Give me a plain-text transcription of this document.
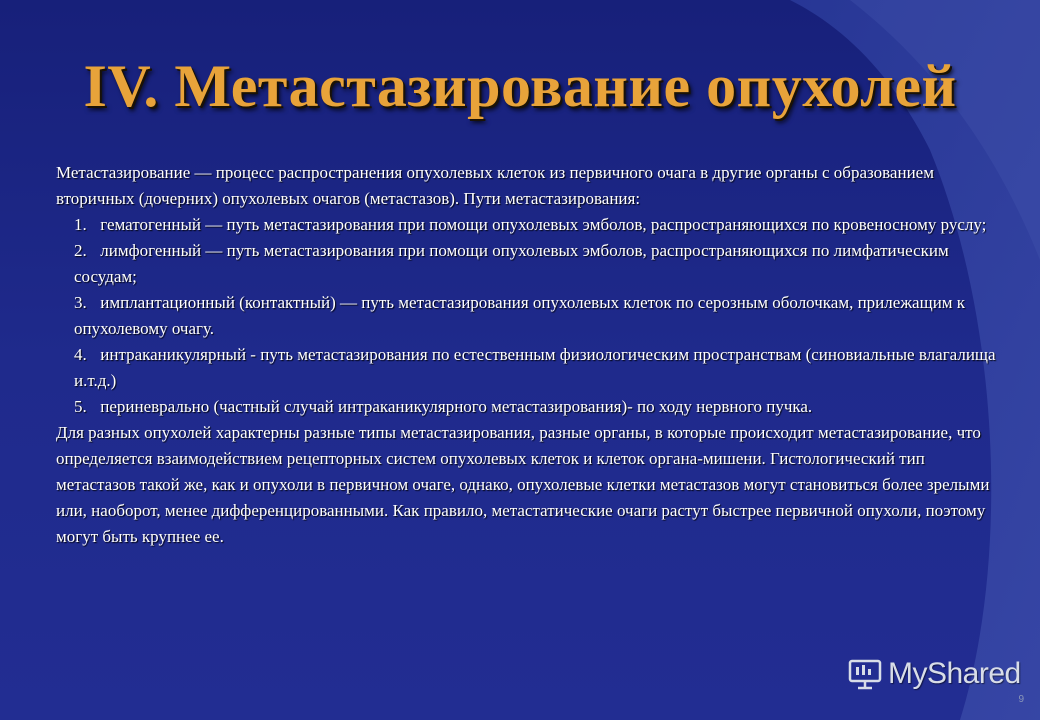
IV. Метастазирование опухолей

Метастазирование — процесс распространения опухолевых клеток из первичного очага в другие органы с образованием вторичных (дочерних) опухолевых очагов (метастазов). Пути метастазирования:

1. гематогенный — путь метастазирования при помощи опухолевых эмболов, распространяющихся по кровеносному руслу;
2. лимфогенный — путь метастазирования при помощи опухолевых эмболов, распространяющихся по лимфатическим сосудам;
3. имплантационный (контактный) — путь метастазирования опухолевых клеток по серозным оболочкам, прилежащим к опухолевому очагу.
4. интраканикулярный - путь метастазирования по естественным физиологическим пространствам (синовиальные влагалища и.т.д.)
5. периневрально (частный случай интраканикулярного метастазирования)- по ходу нервного пучка.

Для разных опухолей характерны разные типы метастазирования, разные органы, в которые происходит метастазирование, что определяется взаимодействием рецепторных систем опухолевых клеток и клеток органа-мишени. Гистологический тип метастазов такой же, как и опухоли в первичном очаге, однако, опухолевые клетки метастазов могут становиться более зрелыми или, наоборот, менее дифференцированными. Как правило, метастатические очаги растут быстрее первичной опухоли, поэтому могут быть крупнее ее.

MyShared
9
